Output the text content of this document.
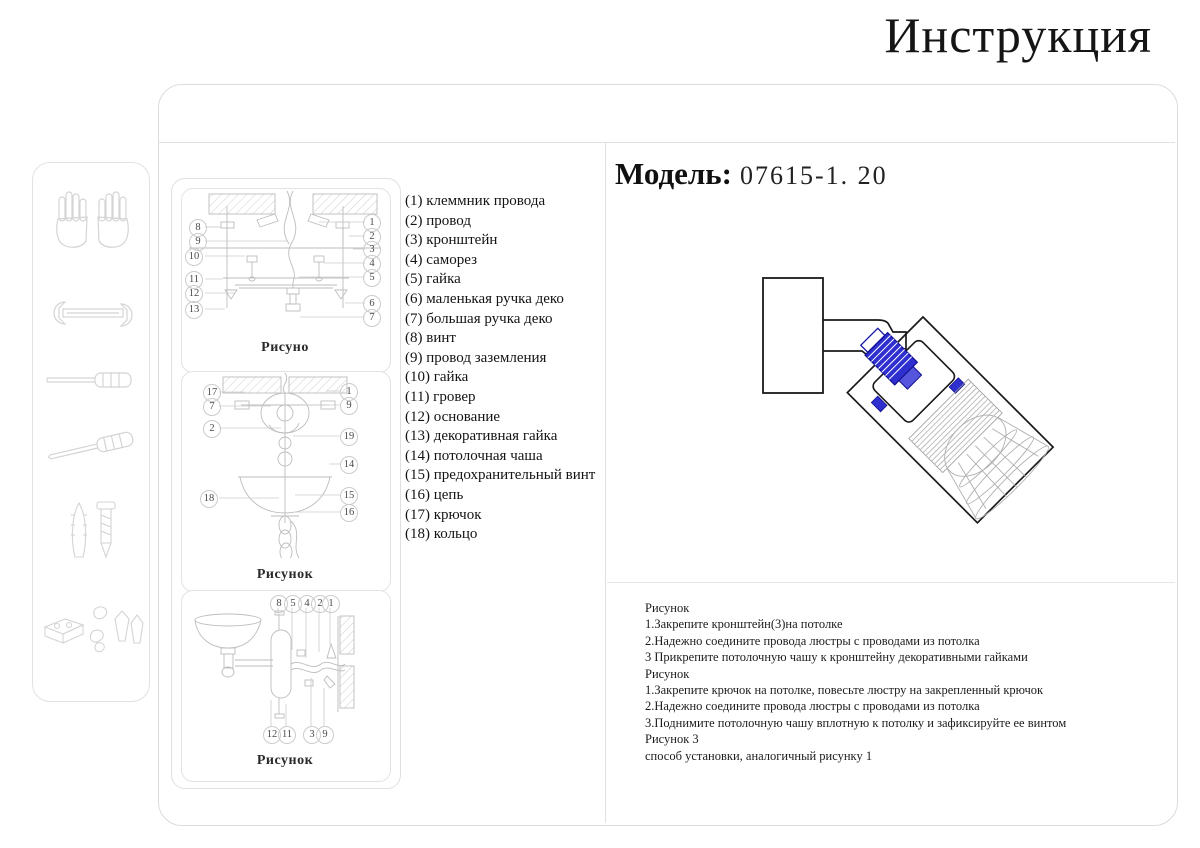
Инструкция
Рисуно
8
9
10
11
12
13
1
2
3
4
5
6
7
Рисунок
17
7
2
18
1
9
19
14
15
16
Рисунок
8 5 4 2 1
12 11	3 9
(1) клеммник провода
(2) провод
(3) кронштейн
(4) саморез
(5) гайка
(6) маленькая ручка деко
(7) большая ручка деко
(8) винт
(9) провод заземления
(10) гайка
(11) гровер
(12) основание
(13) декоративная гайка
(14) потолочная чаша
(15) предохранительный винт
(16) цепь
(17) крючок
(18) кольцо
Модель: 07615-1. 20
Рисунок
1.Закрепите кронштейн(3)на потолке
2.Надежно соедините провода люстры с проводами из потолка
3 Прикрепите потолочную чашу к кронштейну декоративными гайками
Рисунок
1.Закрепите крючок на потолке, повесьте люстру на закрепленный крючок
2.Надежно соедините провода люстры с проводами из потолка
3.Поднимите потолочную чашу вплотную к потолку и зафиксируйте ее винтом
Рисунок 3
способ установки, аналогичный рисунку 1
